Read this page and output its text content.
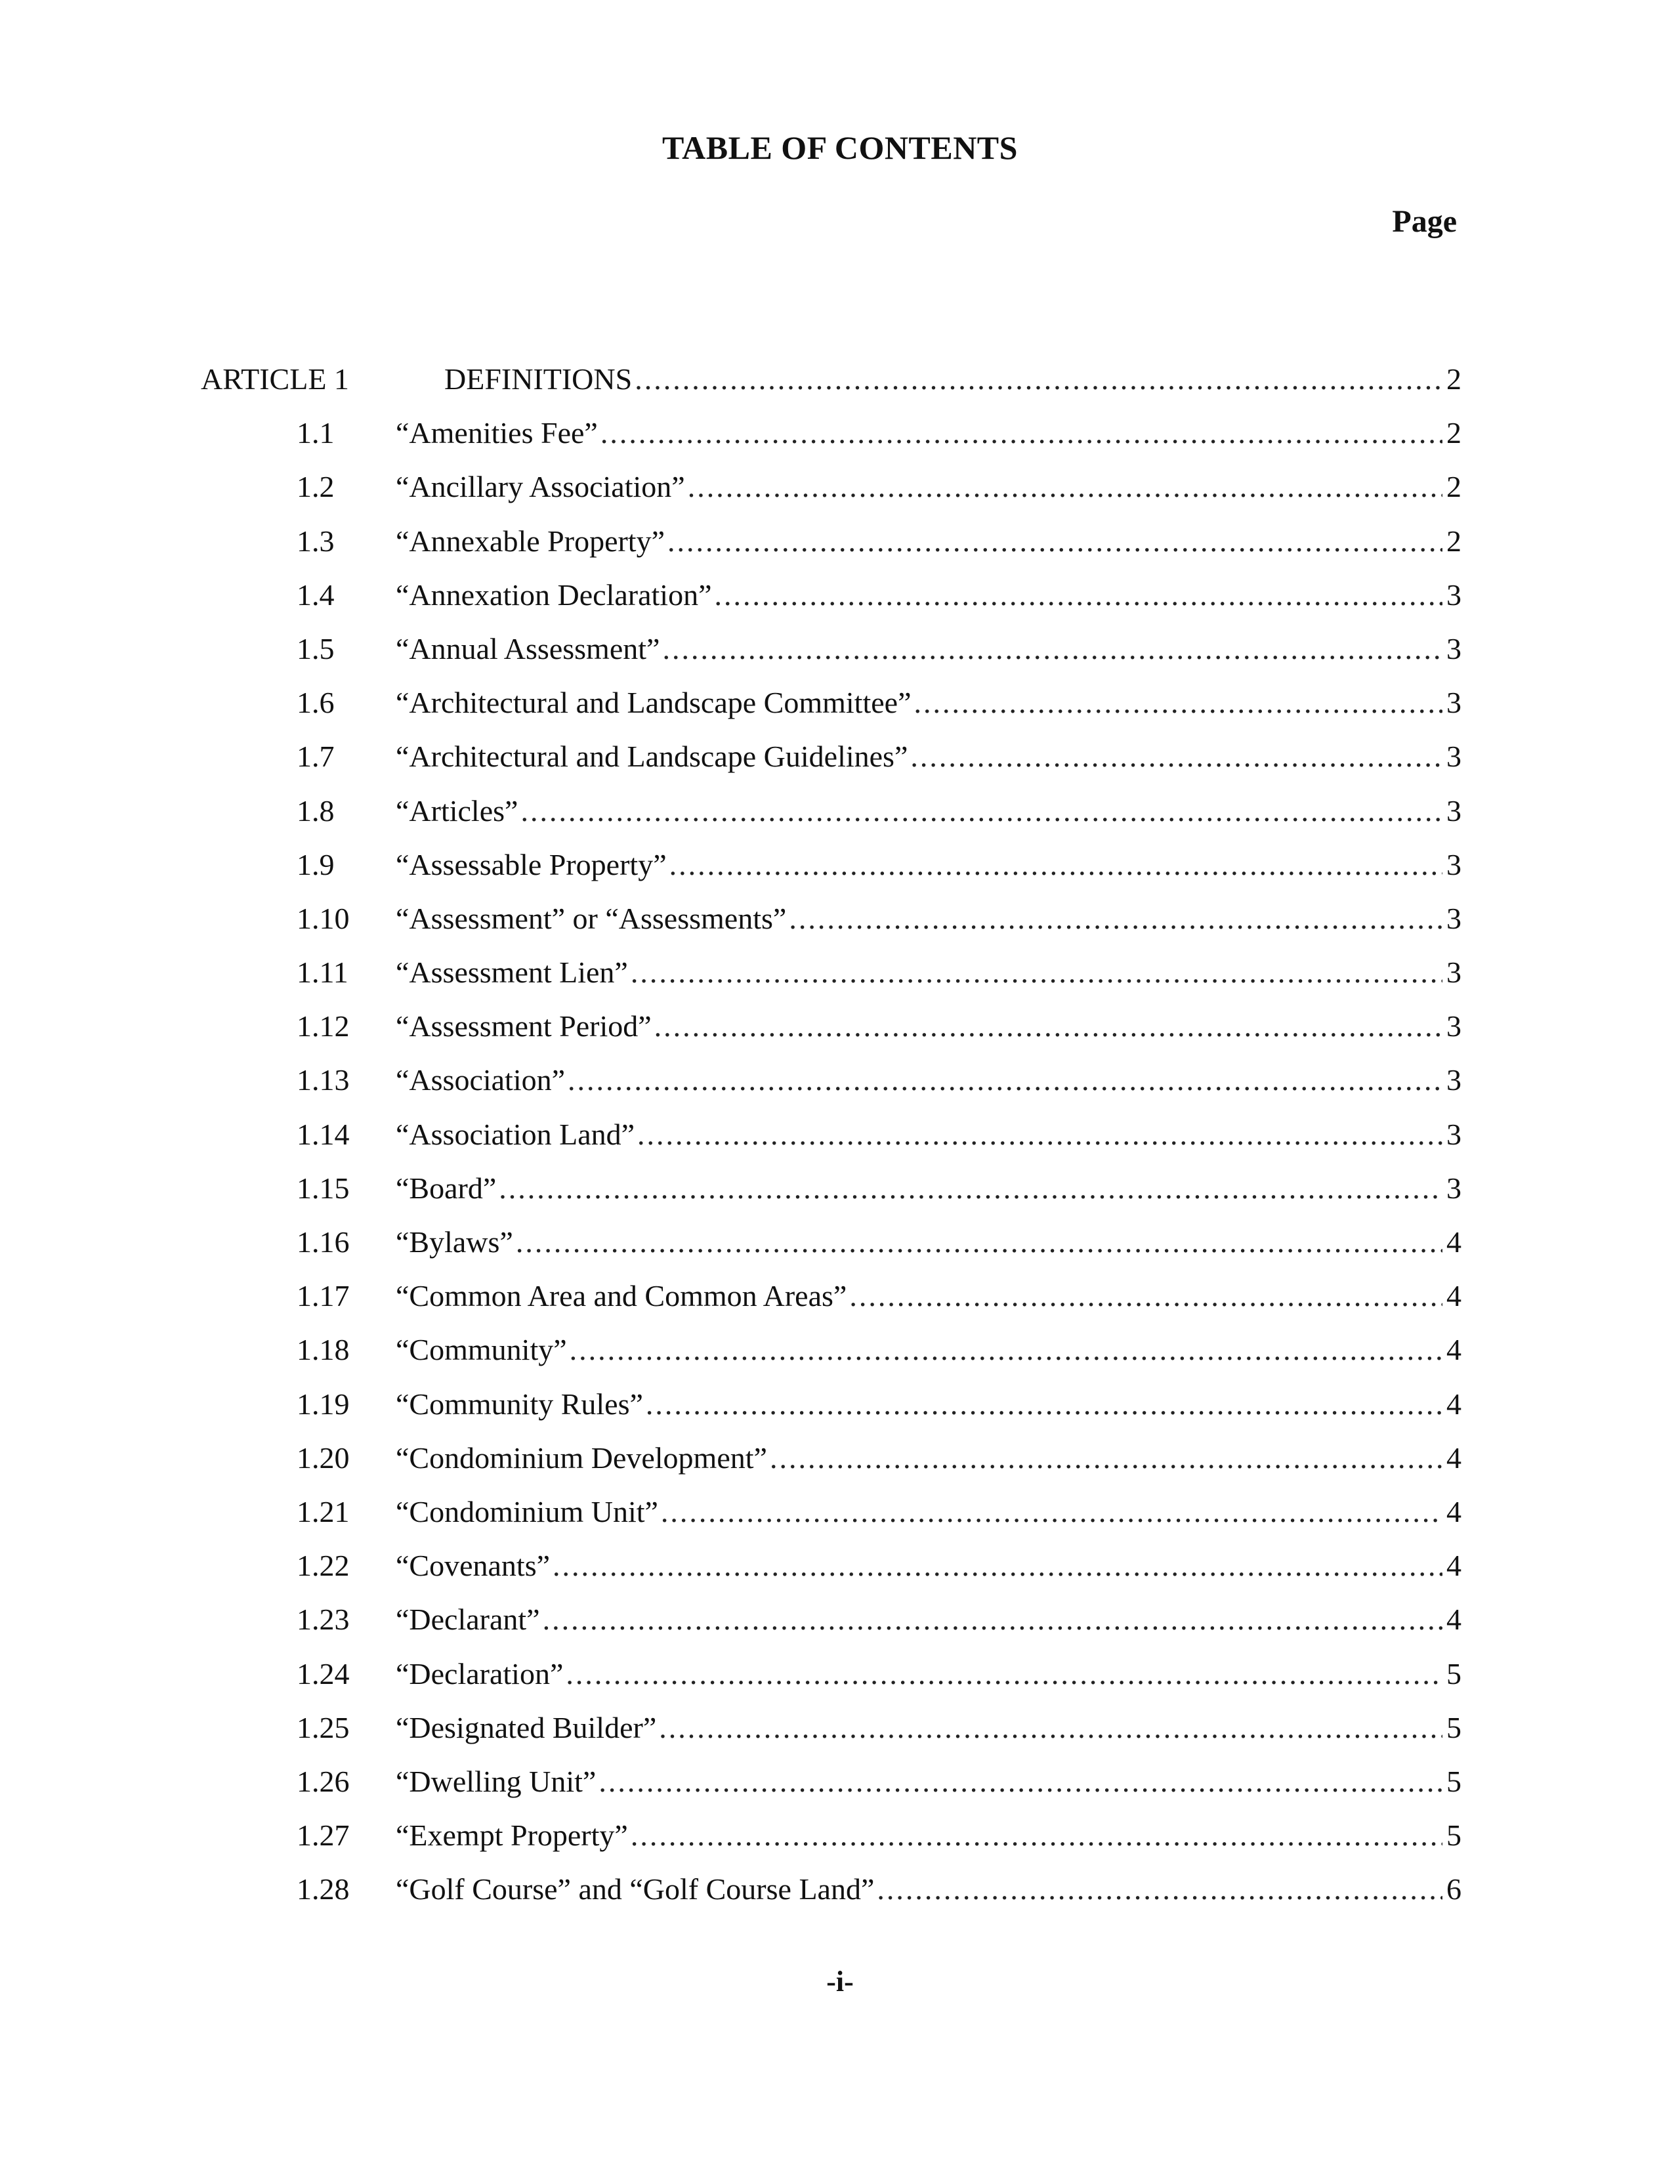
TABLE OF CONTENTS
Page
ARTICLE 1	DEFINITIONS .....	2
1.1	“Amenities Fee” .....	2
1.2	“Ancillary Association” .....	2
1.3	“Annexable Property” .....	2
1.4	“Annexation Declaration” .....	3
1.5	“Annual Assessment” .....	3
1.6	“Architectural and Landscape Committee” .....	3
1.7	“Architectural and Landscape Guidelines” .....	3
1.8	“Articles” .....	3
1.9	“Assessable Property” .....	3
1.10	“Assessment” or “Assessments” .....	3
1.11	“Assessment Lien” .....	3
1.12	“Assessment Period” .....	3
1.13	“Association” .....	3
1.14	“Association Land” .....	3
1.15	“Board” .....	3
1.16	“Bylaws” .....	4
1.17	“Common Area and Common Areas” .....	4
1.18	“Community” .....	4
1.19	“Community Rules” .....	4
1.20	“Condominium Development” .....	4
1.21	“Condominium Unit” .....	4
1.22	“Covenants” .....	4
1.23	“Declarant” .....	4
1.24	“Declaration” .....	5
1.25	“Designated Builder” .....	5
1.26	“Dwelling Unit” .....	5
1.27	“Exempt Property” .....	5
1.28	“Golf Course” and “Golf Course Land” .....	6
-i-
